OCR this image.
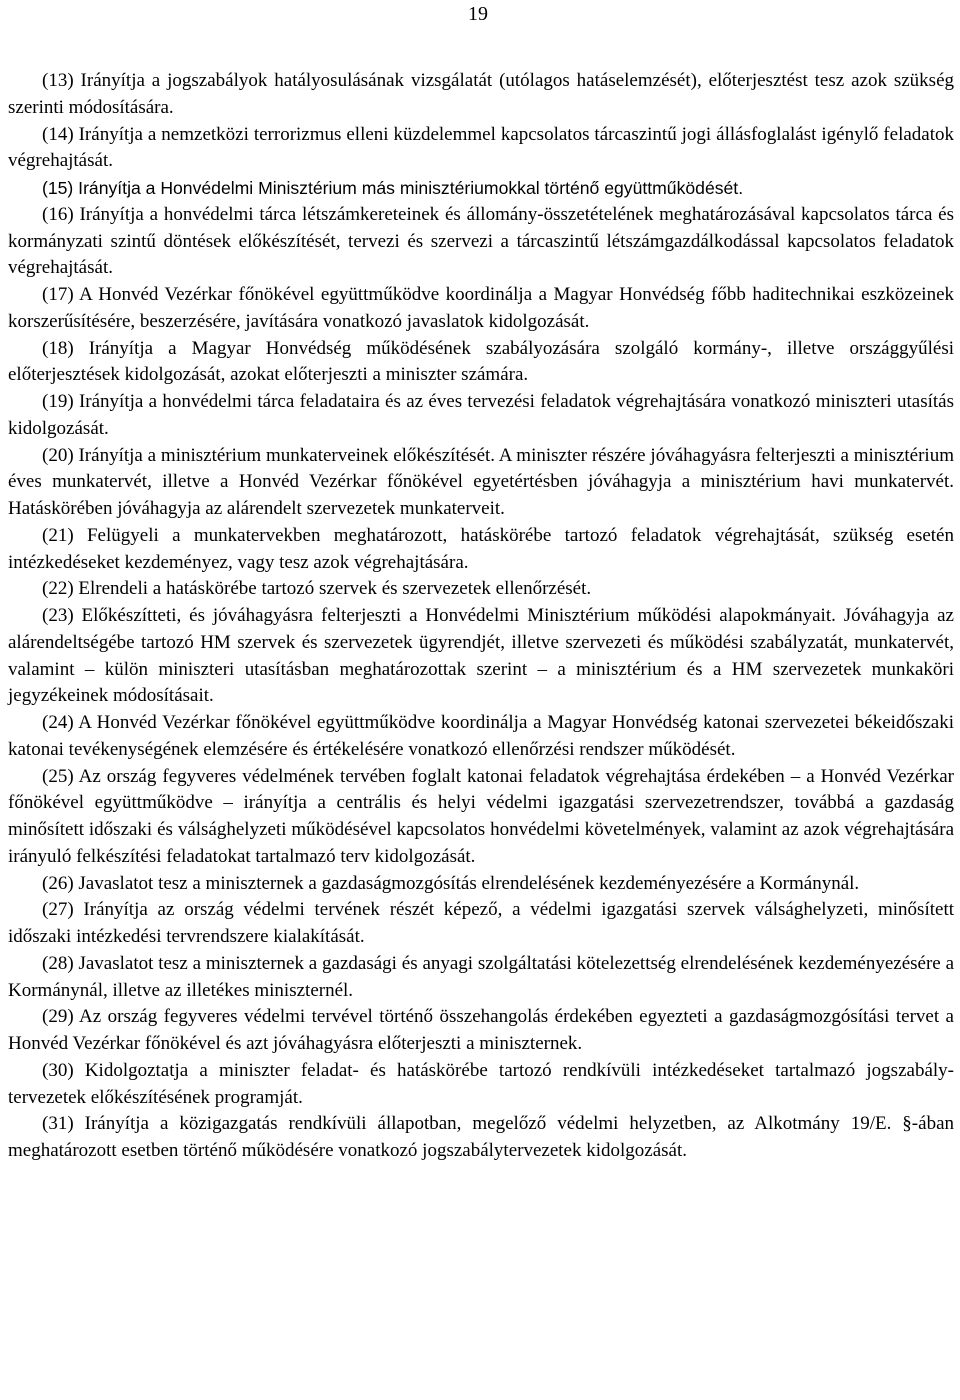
19

(13) Irányítja a jogszabályok hatályosulásának vizsgálatát (utólagos hatáselemzését), előterjesztést tesz azok szükség szerinti módosítására.

(14) Irányítja a nemzetközi terrorizmus elleni küzdelemmel kapcsolatos tárcaszintű jogi állásfoglalást igénylő feladatok végrehajtását.

(15) Irányítja a Honvédelmi Minisztérium más minisztériumokkal történő együttműködését.

(16) Irányítja a honvédelmi tárca létszámkereteinek és állomány-összetételének meghatározásával kapcsolatos tárca és kormányzati szintű döntések előkészítését, tervezi és szervezi a tárcaszintű létszámgazdálkodással kapcsolatos feladatok végrehajtását.

(17) A Honvéd Vezérkar főnökével együttműködve koordinálja a Magyar Honvédség főbb haditechnikai eszközeinek korszerűsítésére, beszerzésére, javítására vonatkozó javaslatok kidolgozását.

(18) Irányítja a Magyar Honvédség működésének szabályozására szolgáló kormány-, illetve országgyűlési előterjesztések kidolgozását, azokat előterjeszti a miniszter számára.

(19) Irányítja a honvédelmi tárca feladataira és az éves tervezési feladatok végrehajtására vonatkozó miniszteri utasítás kidolgozását.

(20) Irányítja a minisztérium munkaterveinek előkészítését. A miniszter részére jóváhagyásra felterjeszti a minisztérium éves munkatervét, illetve a Honvéd Vezérkar főnökével egyetértésben jóváhagyja a minisztérium havi munkatervét. Hatáskörében jóváhagyja az alárendelt szervezetek munkaterveit.

(21) Felügyeli a munkatervekben meghatározott, hatáskörébe tartozó feladatok végrehajtását, szükség esetén intézkedéseket kezdeményez, vagy tesz azok végrehajtására.

(22) Elrendeli a hatáskörébe tartozó szervek és szervezetek ellenőrzését.

(23) Előkészítteti, és jóváhagyásra felterjeszti a Honvédelmi Minisztérium működési alapokmányait. Jóváhagyja az alárendeltségébe tartozó HM szervek és szervezetek ügyrendjét, illetve szervezeti és működési szabályzatát, munkatervét, valamint – külön miniszteri utasításban meghatározottak szerint – a minisztérium és a HM szervezetek munkaköri jegyzékeinek módosításait.

(24) A Honvéd Vezérkar főnökével együttműködve koordinálja a Magyar Honvédség katonai szervezetei békeidőszaki katonai tevékenységének elemzésére és értékelésére vonatkozó ellenőrzési rendszer működését.

(25) Az ország fegyveres védelmének tervében foglalt katonai feladatok végrehajtása érdekében – a Honvéd Vezérkar főnökével együttműködve – irányítja a centrális és helyi védelmi igazgatási szervezetrendszer, továbbá a gazdaság minősített időszaki és válsághelyzeti működésével kapcsolatos honvédelmi követelmények, valamint az azok végrehajtására irányuló felkészítési feladatokat tartalmazó terv kidolgozását.

(26) Javaslatot tesz a miniszternek a gazdaságmozgósítás elrendelésének kezdeményezésére a Kormánynál.

(27) Irányítja az ország védelmi tervének részét képező, a védelmi igazgatási szervek válsághelyzeti, minősített időszaki intézkedési tervrendszere kialakítását.

(28) Javaslatot tesz a miniszternek a gazdasági és anyagi szolgáltatási kötelezettség elrendelésének kezdeményezésére a Kormánynál, illetve az illetékes miniszternél.

(29) Az ország fegyveres védelmi tervével történő összehangolás érdekében egyezteti a gazdaságmozgósítási tervet a Honvéd Vezérkar főnökével és azt jóváhagyásra előterjeszti a miniszternek.

(30) Kidolgoztatja a miniszter feladat- és hatáskörébe tartozó rendkívüli intézkedéseket tartalmazó jogszabály-tervezetek előkészítésének programját.

(31) Irányítja a közigazgatás rendkívüli állapotban, megelőző védelmi helyzetben, az Alkotmány 19/E. §-ában meghatározott esetben történő működésére vonatkozó jogszabálytervezetek kidolgozását.
